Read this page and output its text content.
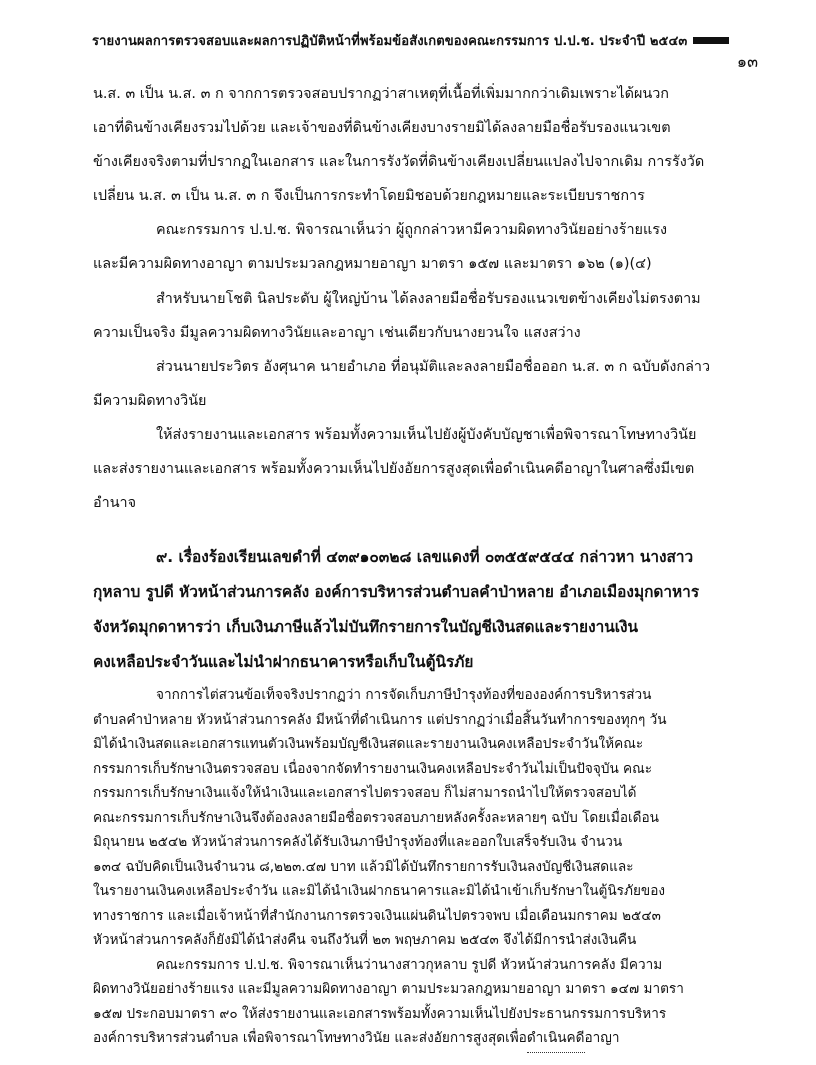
รายงานผลการตรวจสอบและผลการปฏิบัติหน้าที่พร้อมข้อสังเกตของคณะกรรมการ ป.ป.ช. ประจำปี ๒๕๔๓
๑๓
น.ส. ๓ เป็น น.ส. ๓ ก จากการตรวจสอบปรากฏว่าสาเหตุที่เนื้อที่เพิ่มมากกว่าเดิมเพราะได้ผนวก
เอาที่ดินข้างเคียงรวมไปด้วย และเจ้าของที่ดินข้างเคียงบางรายมิได้ลงลายมือชื่อรับรองแนวเขต
ข้างเคียงจริงตามที่ปรากฏในเอกสาร และในการรังวัดที่ดินข้างเคียงเปลี่ยนแปลงไปจากเดิม การรังวัด
เปลี่ยน น.ส. ๓ เป็น น.ส. ๓ ก จึงเป็นการกระทำโดยมิชอบด้วยกฎหมายและระเบียบราชการ
คณะกรรมการ ป.ป.ช. พิจารณาเห็นว่า ผู้ถูกกล่าวหามีความผิดทางวินัยอย่างร้ายแรง
และมีความผิดทางอาญา ตามประมวลกฎหมายอาญา มาตรา ๑๕๗ และมาตรา ๑๖๒ (๑)(๔)
สำหรับนายโชติ นิลประดับ ผู้ใหญ่บ้าน ได้ลงลายมือชื่อรับรองแนวเขตข้างเคียงไม่ตรงตาม
ความเป็นจริง มีมูลความผิดทางวินัยและอาญา เช่นเดียวกับนางยวนใจ แสงสว่าง
ส่วนนายประวิตร อังศุนาค นายอำเภอ ที่อนุมัติและลงลายมือชื่อออก น.ส. ๓ ก ฉบับดังกล่าว
มีความผิดทางวินัย
ให้ส่งรายงานและเอกสาร พร้อมทั้งความเห็นไปยังผู้บังคับบัญชาเพื่อพิจารณาโทษทางวินัย
และส่งรายงานและเอกสาร พร้อมทั้งความเห็นไปยังอัยการสูงสุดเพื่อดำเนินคดีอาญาในศาลซึ่งมีเขต
อำนาจ
๙. เรื่องร้องเรียนเลขดำที่ ๔๓๙๑๐๓๒๘ เลขแดงที่ ๐๓๕๕๙๕๔๔ กล่าวหา นางสาว
กุหลาบ รูปดี หัวหน้าส่วนการคลัง องค์การบริหารส่วนตำบลคำป่าหลาย อำเภอเมืองมุกดาหาร
จังหวัดมุกดาหารว่า เก็บเงินภาษีแล้วไม่บันทึกรายการในบัญชีเงินสดและรายงานเงิน
คงเหลือประจำวันและไม่นำฝากธนาคารหรือเก็บในตู้นิรภัย
จากการไต่สวนข้อเท็จจริงปรากฏว่า การจัดเก็บภาษีบำรุงท้องที่ขององค์การบริหารส่วน
ตำบลคำป่าหลาย หัวหน้าส่วนการคลัง มีหน้าที่ดำเนินการ แต่ปรากฏว่าเมื่อสิ้นวันทำการของทุกๆ วัน
มิได้นำเงินสดและเอกสารแทนตัวเงินพร้อมบัญชีเงินสดและรายงานเงินคงเหลือประจำวันให้คณะ
กรรมการเก็บรักษาเงินตรวจสอบ เนื่องจากจัดทำรายงานเงินคงเหลือประจำวันไม่เป็นปัจจุบัน คณะ
กรรมการเก็บรักษาเงินแจ้งให้นำเงินและเอกสารไปตรวจสอบ ก็ไม่สามารถนำไปให้ตรวจสอบได้
คณะกรรมการเก็บรักษาเงินจึงต้องลงลายมือชื่อตรวจสอบภายหลังครั้งละหลายๆ ฉบับ โดยเมื่อเดือน
มิถุนายน ๒๕๔๒ หัวหน้าส่วนการคลังได้รับเงินภาษีบำรุงท้องที่และออกใบเสร็จรับเงิน จำนวน
๑๓๔ ฉบับคิดเป็นเงินจำนวน ๘,๒๒๓.๔๗ บาท แล้วมิได้บันทึกรายการรับเงินลงบัญชีเงินสดและ
ในรายงานเงินคงเหลือประจำวัน และมิได้นำเงินฝากธนาคารและมิได้นำเข้าเก็บรักษาในตู้นิรภัยของ
ทางราชการ และเมื่อเจ้าหน้าที่สำนักงานการตรวจเงินแผ่นดินไปตรวจพบ เมื่อเดือนมกราคม ๒๕๔๓
หัวหน้าส่วนการคลังก็ยังมิได้นำส่งคืน จนถึงวันที่ ๒๓ พฤษภาคม ๒๕๔๓ จึงได้มีการนำส่งเงินคืน
คณะกรรมการ ป.ป.ช. พิจารณาเห็นว่านางสาวกุหลาบ รูปดี หัวหน้าส่วนการคลัง มีความ
ผิดทางวินัยอย่างร้ายแรง และมีมูลความผิดทางอาญา ตามประมวลกฎหมายอาญา มาตรา ๑๔๗ มาตรา
๑๕๗ ประกอบมาตรา ๙๐ ให้ส่งรายงานและเอกสารพร้อมทั้งความเห็นไปยังประธานกรรมการบริหาร
องค์การบริหารส่วนตำบล เพื่อพิจารณาโทษทางวินัย และส่งอัยการสูงสุดเพื่อดำเนินคดีอาญา
